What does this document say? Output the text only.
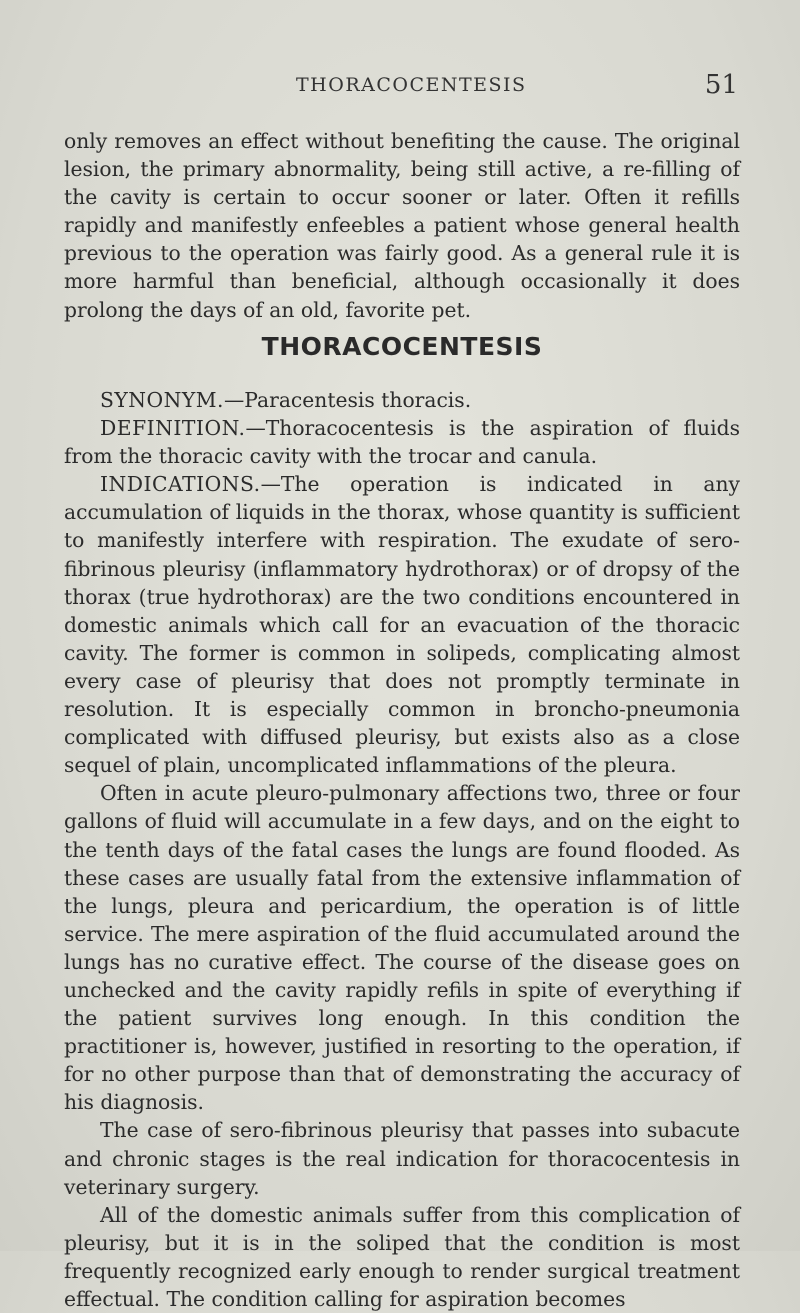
THORACOCENTESIS	51

only removes an effect without benefiting the cause. The original lesion, the primary abnormality, being still active, a re-filling of the cavity is certain to occur sooner or later. Often it refills rapidly and manifestly enfeebles a patient whose general health previous to the operation was fairly good. As a general rule it is more harmful than beneficial, although occasionally it does prolong the days of an old, favorite pet.

THORACOCENTESIS

SYNONYM.—Paracentesis thoracis.

DEFINITION.—Thoracocentesis is the aspiration of fluids from the thoracic cavity with the trocar and canula.

INDICATIONS.—The operation is indicated in any accumulation of liquids in the thorax, whose quantity is sufficient to manifestly interfere with respiration. The exudate of sero-fibrinous pleurisy (inflammatory hydrothorax) or of dropsy of the thorax (true hydrothorax) are the two conditions encountered in domestic animals which call for an evacuation of the thoracic cavity. The former is common in solipeds, complicating almost every case of pleurisy that does not promptly terminate in resolution. It is especially common in broncho-pneumonia complicated with diffused pleurisy, but exists also as a close sequel of plain, uncomplicated inflammations of the pleura.

Often in acute pleuro-pulmonary affections two, three or four gallons of fluid will accumulate in a few days, and on the eight to the tenth days of the fatal cases the lungs are found flooded. As these cases are usually fatal from the extensive inflammation of the lungs, pleura and pericardium, the operation is of little service. The mere aspiration of the fluid accumulated around the lungs has no curative effect. The course of the disease goes on unchecked and the cavity rapidly refils in spite of everything if the patient survives long enough. In this condition the practitioner is, however, justified in resorting to the operation, if for no other purpose than that of demonstrating the accuracy of his diagnosis.

The case of sero-fibrinous pleurisy that passes into subacute and chronic stages is the real indication for thoracocentesis in veterinary surgery.

All of the domestic animals suffer from this complication of pleurisy, but it is in the soliped that the condition is most frequently recognized early enough to render surgical treatment effectual. The condition calling for aspiration becomes
